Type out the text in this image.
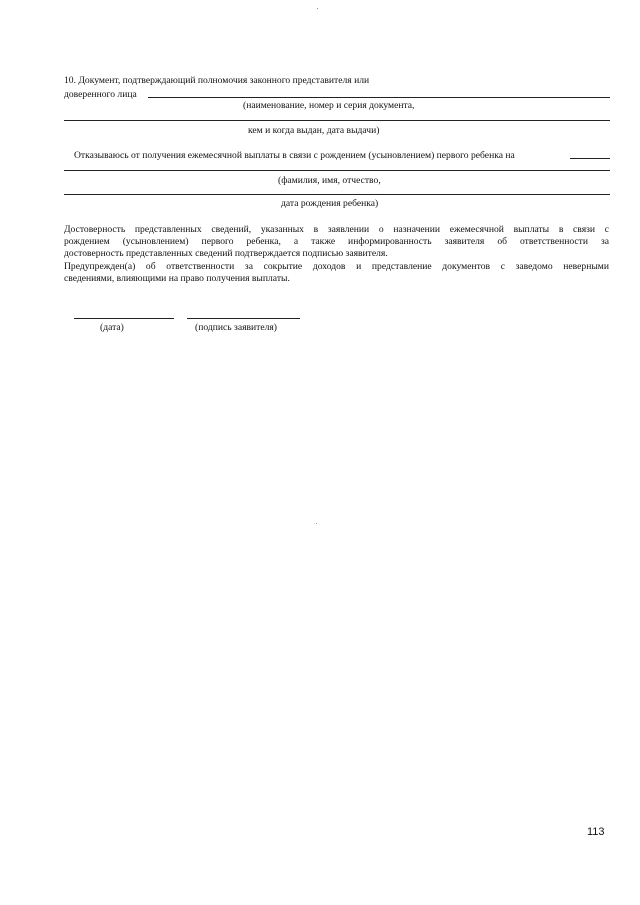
10. Документ, подтверждающий полномочия законного представителя или
доверенного лица
(наименование, номер и серия документа,
кем и когда выдан, дата выдачи)
Отказываюсь от получения ежемесячной выплаты в связи с рождением (усыновлением) первого ребенка на
(фамилия, имя, отчество,
дата рождения ребенка)
Достоверность представленных сведений, указанных в заявлении о назначении ежемесячной выплаты в связи с
рождением (усыновлением) первого ребенка, а также информированность заявителя об ответственности за
достоверность представленных сведений подтверждается подписью заявителя.
Предупрежден(а) об ответственности за сокрытие доходов и представление документов с заведомо неверными
сведениями, влияющими на право получения выплаты.
(дата)	(подпись заявителя)
113
